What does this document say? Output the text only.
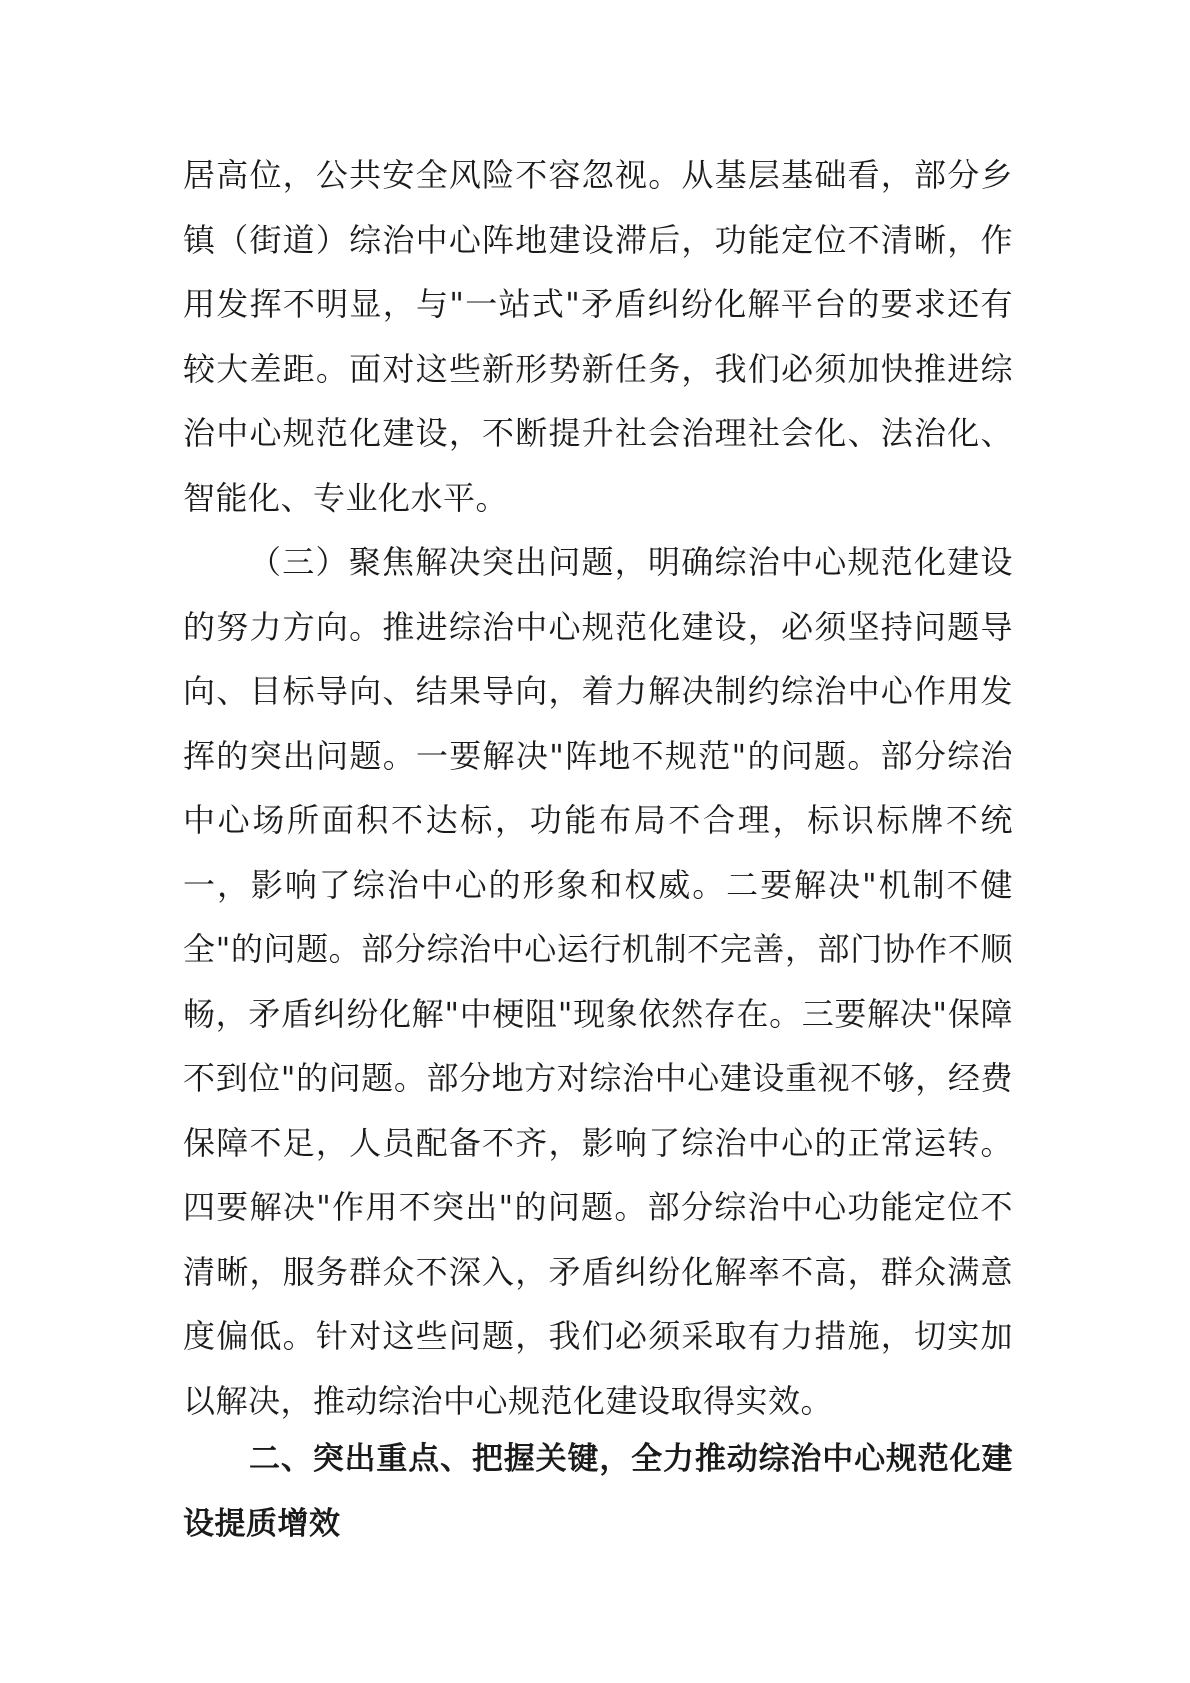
居高位，公共安全风险不容忽视。从基层基础看，部分乡镇（街道）综治中心阵地建设滞后，功能定位不清晰，作用发挥不明显，与"一站式"矛盾纠纷化解平台的要求还有较大差距。面对这些新形势新任务，我们必须加快推进综治中心规范化建设，不断提升社会治理社会化、法治化、智能化、专业化水平。

（三）聚焦解决突出问题，明确综治中心规范化建设的努力方向。推进综治中心规范化建设，必须坚持问题导向、目标导向、结果导向，着力解决制约综治中心作用发挥的突出问题。一要解决"阵地不规范"的问题。部分综治中心场所面积不达标，功能布局不合理，标识标牌不统一，影响了综治中心的形象和权威。二要解决"机制不健全"的问题。部分综治中心运行机制不完善，部门协作不顺畅，矛盾纠纷化解"中梗阻"现象依然存在。三要解决"保障不到位"的问题。部分地方对综治中心建设重视不够，经费保障不足，人员配备不齐，影响了综治中心的正常运转。四要解决"作用不突出"的问题。部分综治中心功能定位不清晰，服务群众不深入，矛盾纠纷化解率不高，群众满意度偏低。针对这些问题，我们必须采取有力措施，切实加以解决，推动综治中心规范化建设取得实效。

二、突出重点、把握关键，全力推动综治中心规范化建设提质增效
